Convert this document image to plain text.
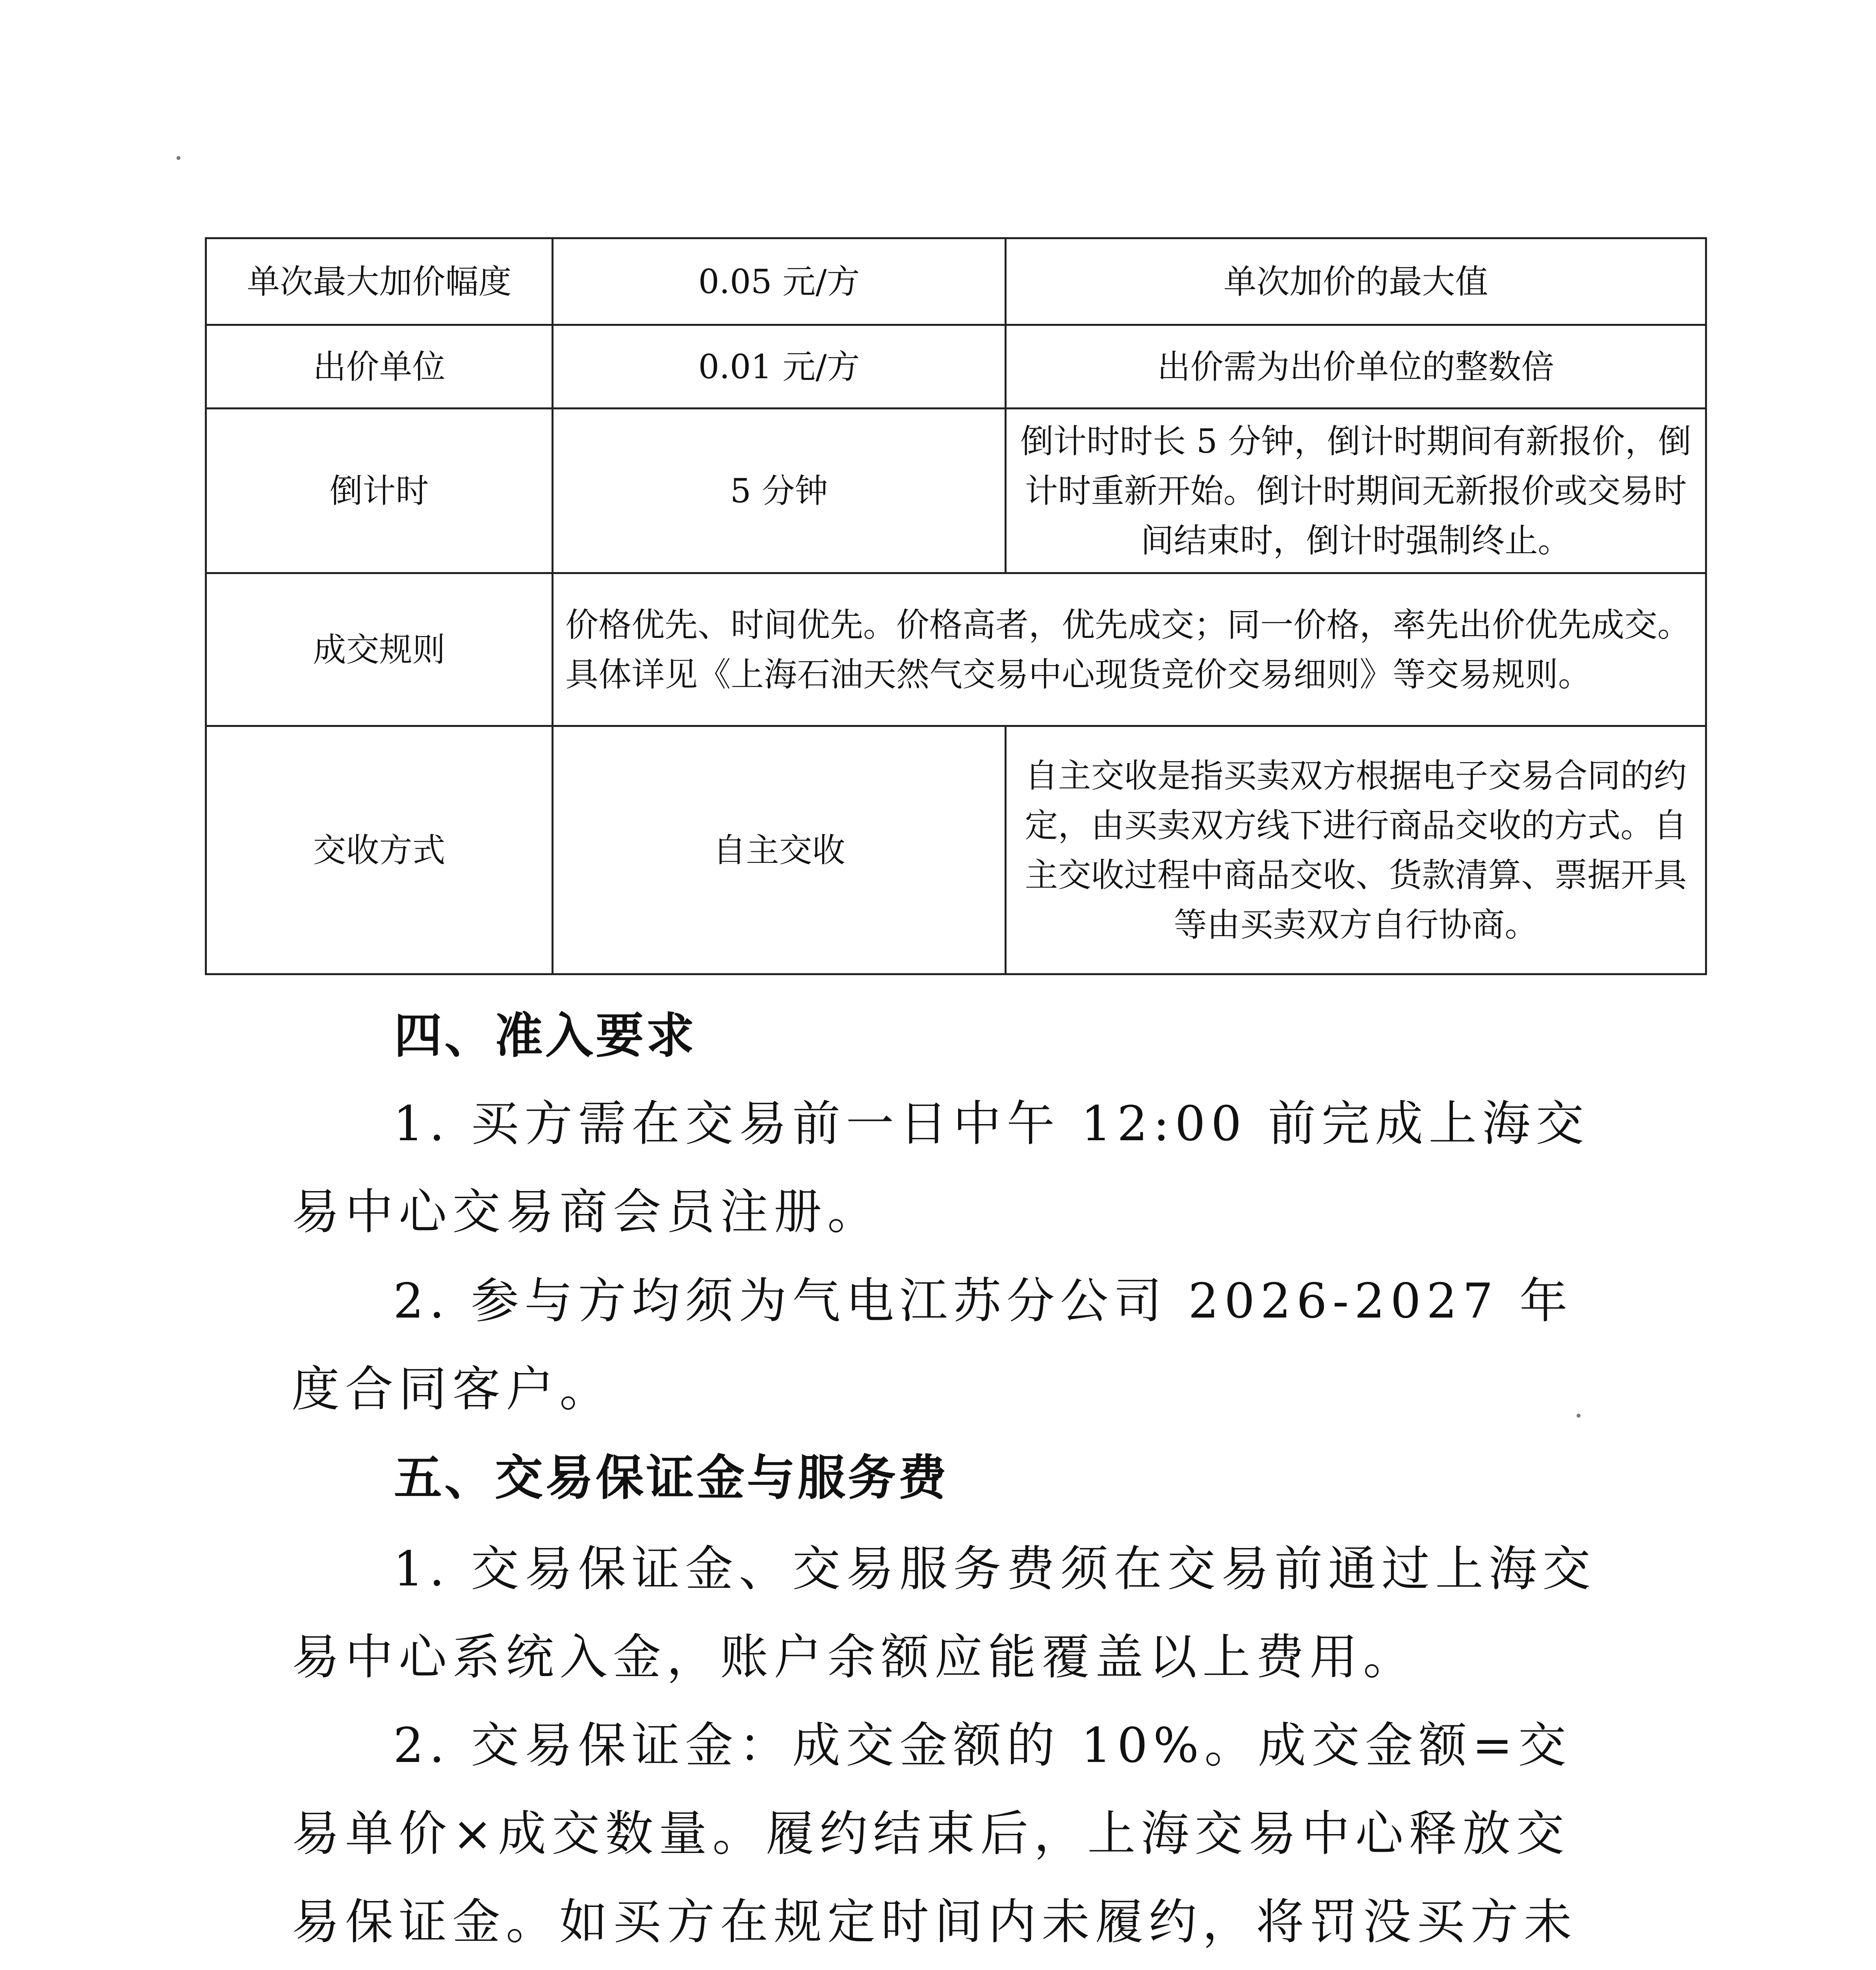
单次最大加价幅度	0.05 元/方	单次加价的最大值
出价单位	0.01 元/方	出价需为出价单位的整数倍
倒计时	5 分钟	倒计时时长 5 分钟，倒计时期间有新报价，倒计时重新开始。倒计时期间无新报价或交易时间结束时，倒计时强制终止。
成交规则	价格优先、时间优先。价格高者，优先成交；同一价格，率先出价优先成交。具体详见《上海石油天然气交易中心现货竞价交易细则》等交易规则。	
交收方式	自主交收	自主交收是指买卖双方根据电子交易合同的约定，由买卖双方线下进行商品交收的方式。自主交收过程中商品交收、货款清算、票据开具等由买卖双方自行协商。
四、准入要求

1. 买方需在交易前一日中午 12:00 前完成上海交易中心交易商会员注册。

2. 参与方均须为气电江苏分公司 2026-2027 年度合同客户。

五、交易保证金与服务费

1. 交易保证金、交易服务费须在交易前通过上海交易中心系统入金，账户余额应能覆盖以上费用。

2. 交易保证金：成交金额的 10%。成交金额=交易单价×成交数量。履约结束后，上海交易中心释放交易保证金。如买方在规定时间内未履约，将罚没买方未
